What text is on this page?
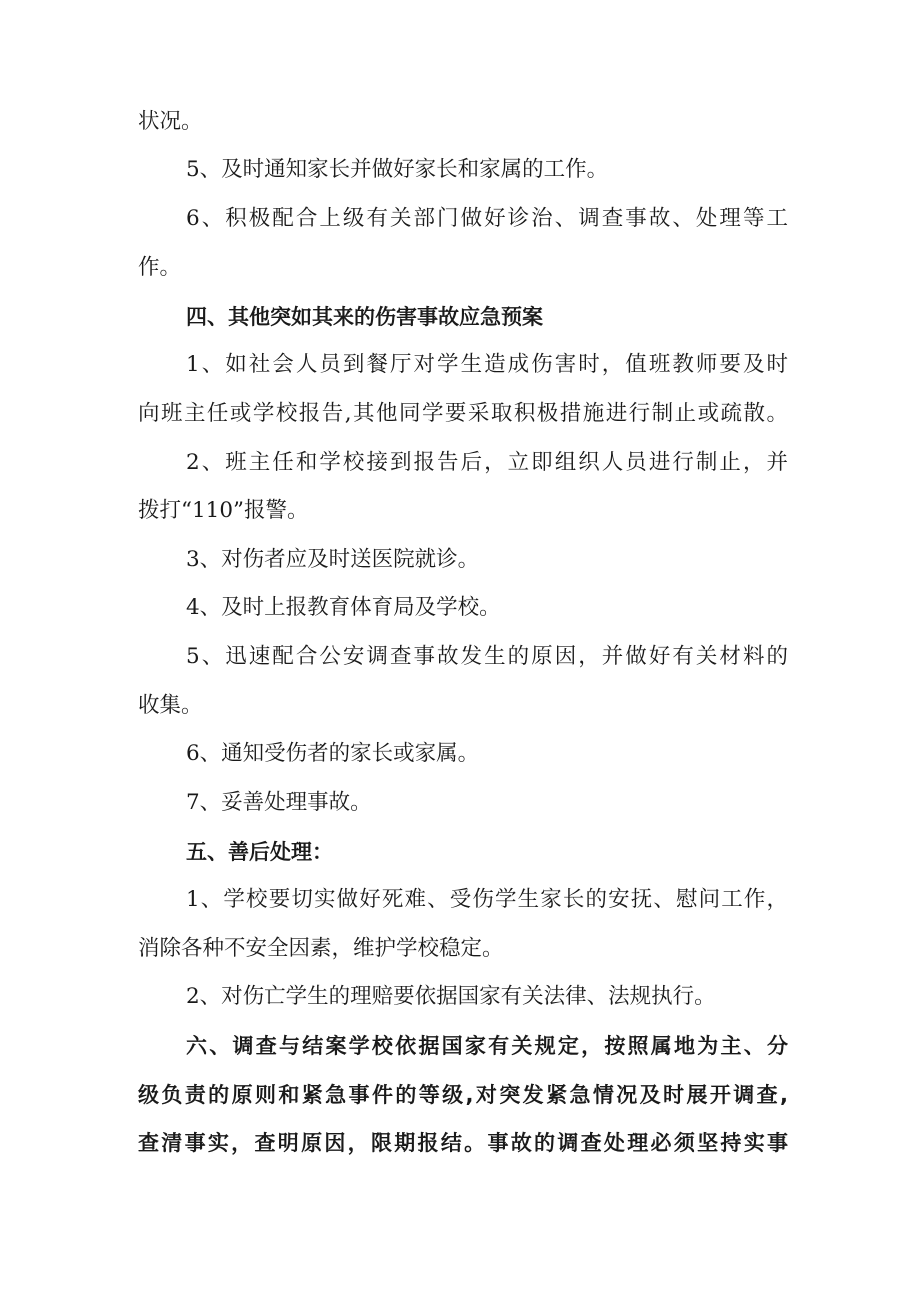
状况。
5、及时通知家长并做好家长和家属的工作。
6、积极配合上级有关部门做好诊治、调查事故、处理等工
作。
四、其他突如其来的伤害事故应急预案
1、如社会人员到餐厅对学生造成伤害时，值班教师要及时
向班主任或学校报告,其他同学要采取积极措施进行制止或疏散。
2、班主任和学校接到报告后，立即组织人员进行制止，并
拨打“110”报警。
3、对伤者应及时送医院就诊。
4、及时上报教育体育局及学校。
5、迅速配合公安调查事故发生的原因，并做好有关材料的
收集。
6、通知受伤者的家长或家属。
7、妥善处理事故。
五、善后处理：
1、学校要切实做好死难、受伤学生家长的安抚、慰问工作，
消除各种不安全因素，维护学校稳定。
2、对伤亡学生的理赔要依据国家有关法律、法规执行。
六、调查与结案学校依据国家有关规定，按照属地为主、分
级负责的原则和紧急事件的等级,对突发紧急情况及时展开调查,
查清事实，查明原因，限期报结。事故的调查处理必须坚持实事
